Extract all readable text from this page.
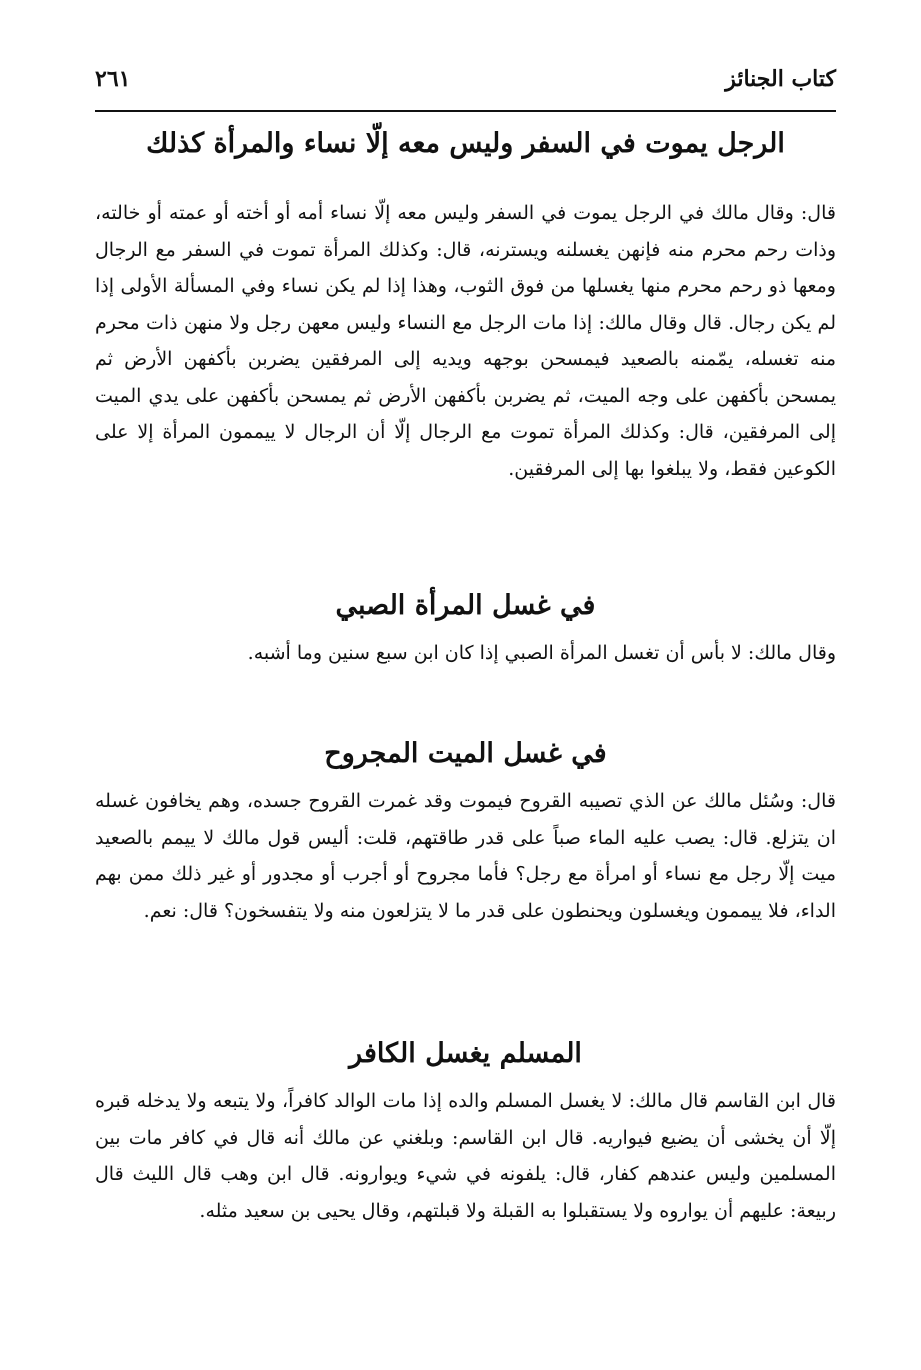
كتاب الجنائز
٢٦١
الرجل يموت في السفر وليس معه إلّا نساء والمرأة كذلك

قال: وقال مالك في الرجل يموت في السفر وليس معه إلّا نساء أمه أو أخته أو عمته أو خالته، وذات رحم محرم منه فإنهن يغسلنه ويسترنه، قال: وكذلك المرأة تموت في السفر مع الرجال ومعها ذو رحم محرم منها يغسلها من فوق الثوب، وهذا إذا لم يكن نساء وفي المسألة الأولى إذا لم يكن رجال. قال وقال مالك: إذا مات الرجل مع النساء وليس معهن رجل ولا منهن ذات محرم منه تغسله، يمّمنه بالصعيد فيمسحن بوجهه ويديه إلى المرفقين يضربن بأكفهن الأرض ثم يمسحن بأكفهن على وجه الميت، ثم يضربن بأكفهن الأرض ثم يمسحن بأكفهن على يدي الميت إلى المرفقين، قال: وكذلك المرأة تموت مع الرجال إلّا أن الرجال لا ييممون المرأة إلا على الكوعين فقط، ولا يبلغوا بها إلى المرفقين.

في غسل المرأة الصبي

وقال مالك: لا بأس أن تغسل المرأة الصبي إذا كان ابن سبع سنين وما أشبه.

في غسل الميت المجروح

قال: وسُئل مالك عن الذي تصيبه القروح فيموت وقد غمرت القروح جسده، وهم يخافون غسله ان يتزلع. قال: يصب عليه الماء صباً على قدر طاقتهم، قلت: أليس قول مالك لا ييمم بالصعيد ميت إلّا رجل مع نساء أو امرأة مع رجل؟ فأما مجروح أو أجرب أو مجدور أو غير ذلك ممن بهم الداء، فلا ييممون ويغسلون ويحنطون على قدر ما لا يتزلعون منه ولا يتفسخون؟ قال: نعم.

المسلم يغسل الكافر

قال ابن القاسم قال مالك: لا يغسل المسلم والده إذا مات الوالد كافراً، ولا يتبعه ولا يدخله قبره إلّا أن يخشى أن يضيع فيواريه. قال ابن القاسم: وبلغني عن مالك أنه قال في كافر مات بين المسلمين وليس عندهم كفار، قال: يلفونه في شيء ويوارونه. قال ابن وهب قال الليث قال ربيعة: عليهم أن يواروه ولا يستقبلوا به القبلة ولا قبلتهم، وقال يحيى بن سعيد مثله.
